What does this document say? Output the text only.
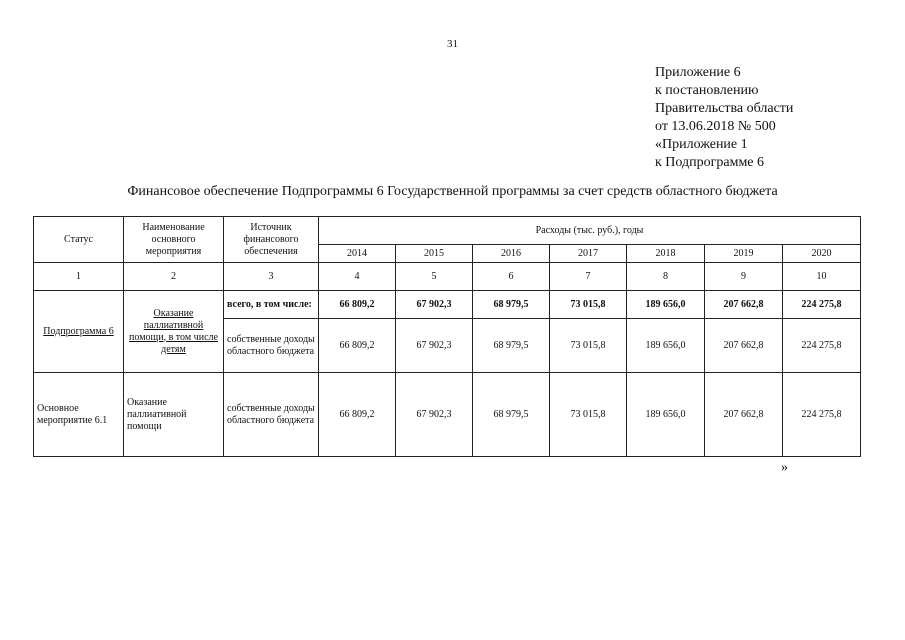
31
Приложение 6
к постановлению
Правительства области
от 13.06.2018 № 500
«Приложение 1
к Подпрограмме 6
Финансовое обеспечение Подпрограммы 6 Государственной программы за счет средств областного бюджета
Статус	Наименование основного мероприятия	Источник финансового обеспечения	Расходы (тыс. руб.), годы						
			2014	2015	2016	2017	2018	2019	2020
1	2	3	4	5	6	7	8	9	10
Подпрограмма 6	Оказание паллиативной помощи, в том числе детям	всего, в том числе:	66 809,2	67 902,3	68 979,5	73 015,8	189 656,0	207 662,8	224 275,8
		собственные доходы областного бюджета	66 809,2	67 902,3	68 979,5	73 015,8	189 656,0	207 662,8	224 275,8
Основное мероприятие 6.1	Оказание паллиативной помощи	собственные доходы областного бюджета	66 809,2	67 902,3	68 979,5	73 015,8	189 656,0	207 662,8	224 275,8
»
